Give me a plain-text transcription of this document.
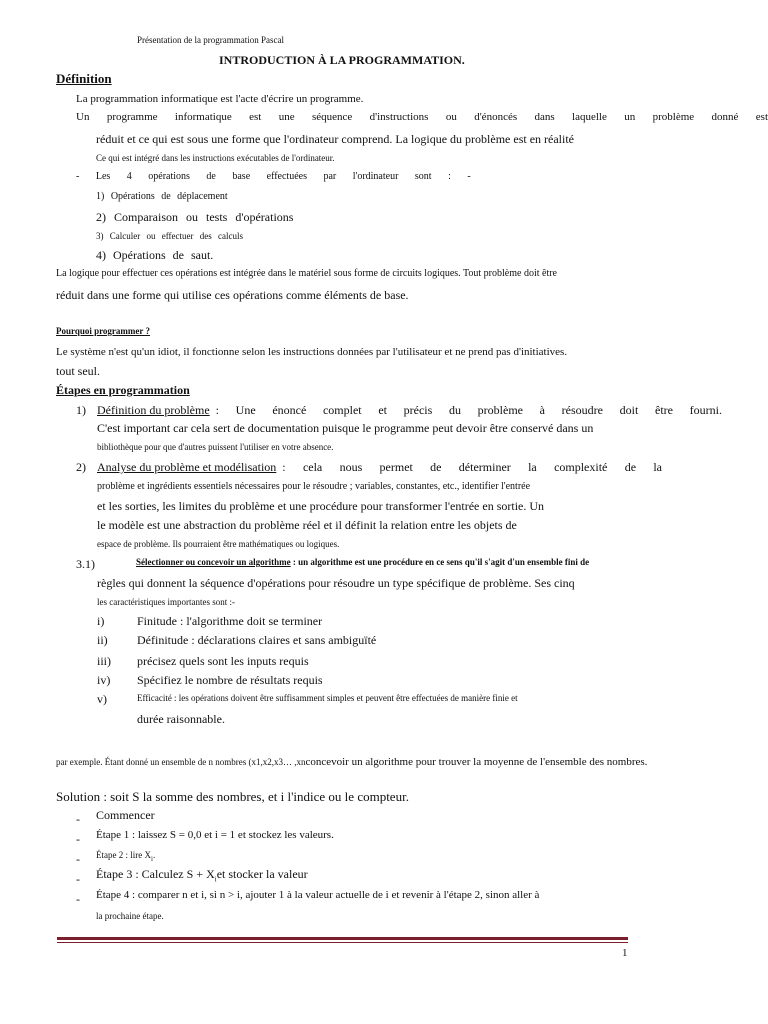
Présentation de la programmation Pascal
INTRODUCTION À LA PROGRAMMATION.
Définition
La programmation informatique est l'acte d'écrire un programme.
Un programme informatique est une séquence d'instructions ou d'énoncés dans laquelle un problème donné est
réduit et ce qui est sous une forme que l'ordinateur comprend. La logique du problème est en réalité
Ce qui est intégré dans les instructions exécutables de l'ordinateur.
- Les 4 opérations de base effectuées par l'ordinateur sont : -
1) Opérations de déplacement
2) Comparaison ou tests d'opérations
3) Calculer ou effectuer des calculs
4) Opérations de saut.
La logique pour effectuer ces opérations est intégrée dans le matériel sous forme de circuits logiques. Tout problème doit être
réduit dans une forme qui utilise ces opérations comme éléments de base.
Pourquoi programmer ?
Le système n'est qu'un idiot, il fonctionne selon les instructions données par l'utilisateur et ne prend pas d'initiatives.
tout seul.
Étapes en programmation
1) Définition du problème : Une énoncé complet et précis du problème à résoudre doit être fourni.
C'est important car cela sert de documentation puisque le programme peut devoir être conservé dans un
bibliothèque pour que d'autres puissent l'utiliser en votre absence.
2) Analyse du problème et modélisation : cela nous permet de déterminer la complexité de la
problème et ingrédients essentiels nécessaires pour le résoudre ; variables, constantes, etc., identifier l'entrée
et les sorties, les limites du problème et une procédure pour transformer l'entrée en sortie. Un
le modèle est une abstraction du problème réel et il définit la relation entre les objets de
espace de problème. Ils pourraient être mathématiques ou logiques.
3.1)	Sélectionner ou concevoir un algorithme : un algorithme est une procédure en ce sens qu'il s'agit d'un ensemble fini de
règles qui donnent la séquence d'opérations pour résoudre un type spécifique de problème. Ses cinq
les caractéristiques importantes sont :-
i)	Finitude : l'algorithme doit se terminer
ii) Définitude : déclarations claires et sans ambiguïté
iii) précisez quels sont les inputs requis
iv) Spécifiez le nombre de résultats requis
v)	Efficacité : les opérations doivent être suffisamment simples et peuvent être effectuées de manière finie et
durée raisonnable.
par exemple. Étant donné un ensemble de n nombres (x1,x2,x3… ,xnconcevoir un algorithme pour trouver la moyenne de l'ensemble des nombres.
Solution : soit S la somme des nombres, et i l'indice ou le compteur.
- Commencer
- Étape 1 : laissez S = 0,0 et i = 1 et stockez les valeurs.
- Étape 2 : lire $X_i$.
- Étape 3 : Calculez $S + X_iet$ stocker la valeur
- Étape 4 : comparer n et i, si n > i, ajouter 1 à la valeur actuelle de i et revenir à l'étape 2, sinon aller à
la prochaine étape.
1
